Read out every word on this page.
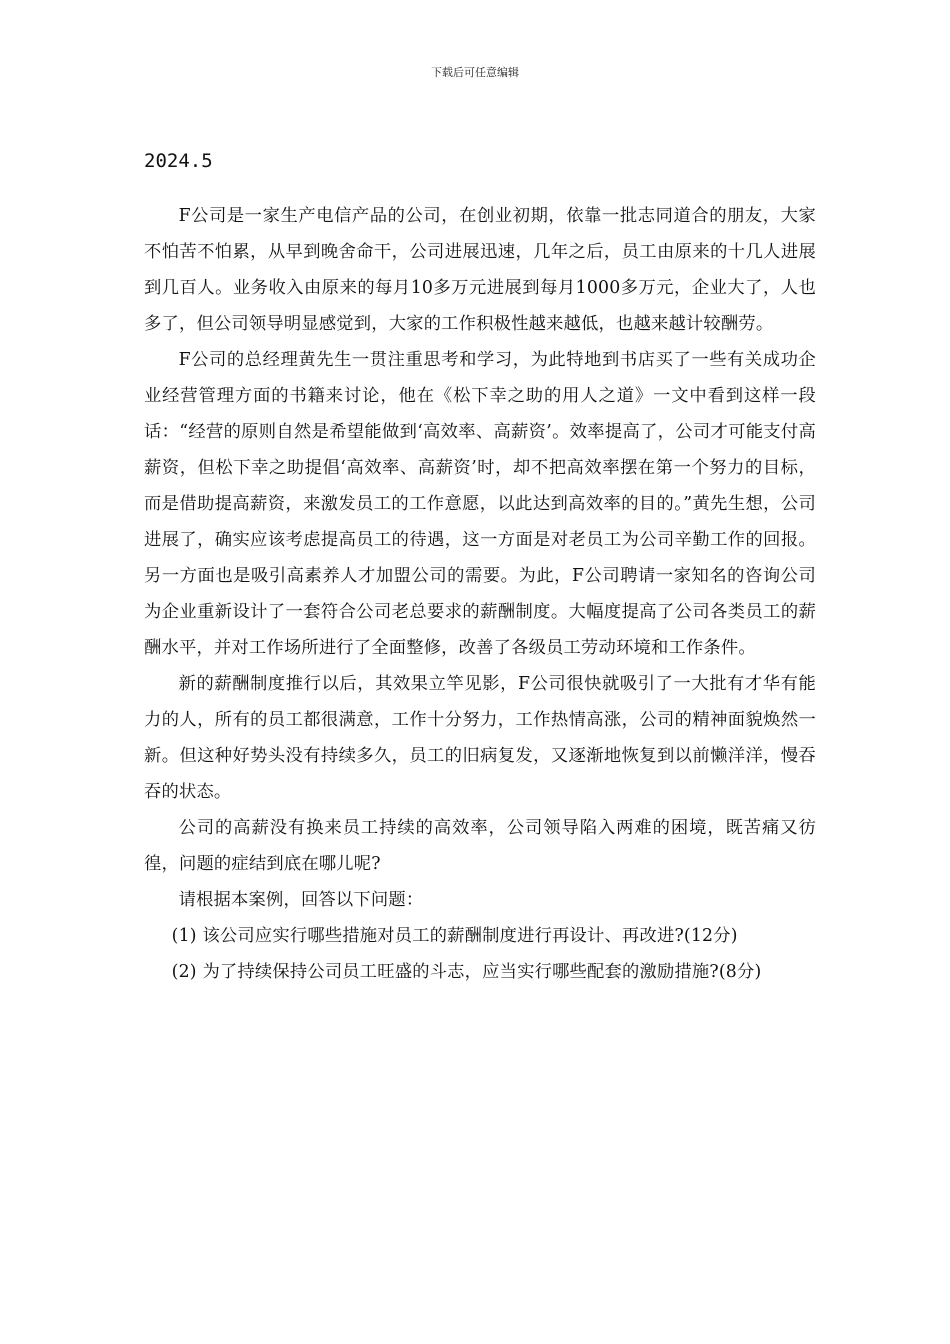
下载后可任意编辑
2024.5

F公司是一家生产电信产品的公司，在创业初期，依靠一批志同道合的朋友，大家不怕苦不怕累，从早到晚舍命干，公司进展迅速，几年之后，员工由原来的十几人进展到几百人。业务收入由原来的每月10多万元进展到每月1000多万元，企业大了，人也多了，但公司领导明显感觉到，大家的工作积极性越来越低，也越来越计较酬劳。

F公司的总经理黄先生一贯注重思考和学习，为此特地到书店买了一些有关成功企业经营管理方面的书籍来讨论，他在《松下幸之助的用人之道》一文中看到这样一段话：“经营的原则自然是希望能做到‘高效率、高薪资’。效率提高了，公司才可能支付高薪资，但松下幸之助提倡‘高效率、高薪资’时，却不把高效率摆在第一个努力的目标，而是借助提高薪资，来激发员工的工作意愿，以此达到高效率的目的。”黄先生想，公司进展了，确实应该考虑提高员工的待遇，这一方面是对老员工为公司辛勤工作的回报。另一方面也是吸引高素养人才加盟公司的需要。为此，F公司聘请一家知名的咨询公司为企业重新设计了一套符合公司老总要求的薪酬制度。大幅度提高了公司各类员工的薪酬水平，并对工作场所进行了全面整修，改善了各级员工劳动环境和工作条件。

新的薪酬制度推行以后，其效果立竿见影，F公司很快就吸引了一大批有才华有能力的人，所有的员工都很满意，工作十分努力，工作热情高涨，公司的精神面貌焕然一新。但这种好势头没有持续多久，员工的旧病复发，又逐渐地恢复到以前懒洋洋，慢吞吞的状态。

公司的高薪没有换来员工持续的高效率，公司领导陷入两难的困境，既苦痛又彷徨，问题的症结到底在哪儿呢?

请根据本案例，回答以下问题：

(1) 该公司应实行哪些措施对员工的薪酬制度进行再设计、再改进?(12分)

(2) 为了持续保持公司员工旺盛的斗志，应当实行哪些配套的激励措施?(8分)
